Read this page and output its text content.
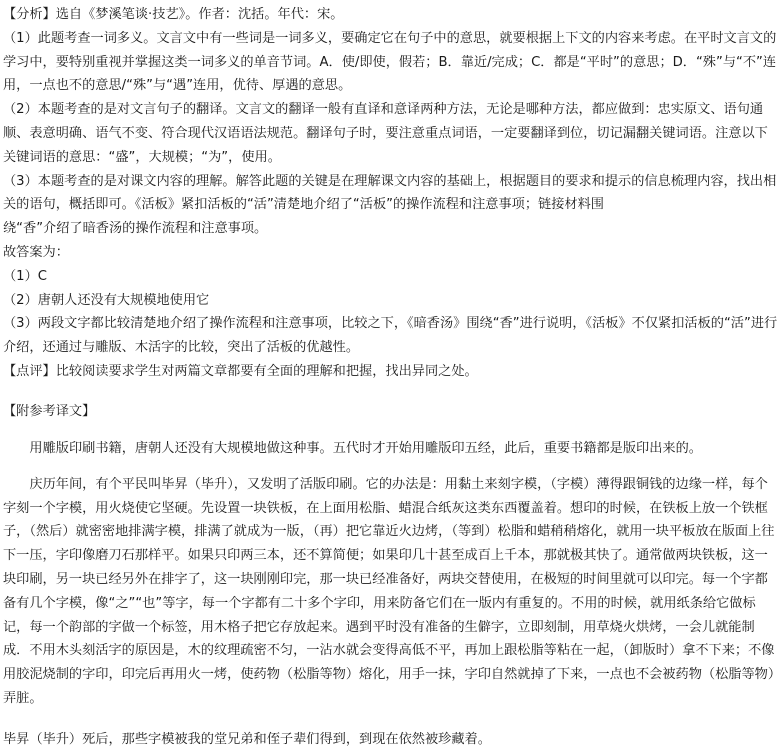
【分析】选自《梦溪笔谈·技艺》。作者：沈括。年代：宋。

（1）此题考查一词多义。文言文中有一些词是一词多义，要确定它在句子中的意思，就要根据上下文的内容来考虑。在平时文言文的学习中，要特别重视并掌握这类一词多义的单音节词。A．使/即使，假若；B．靠近/完成；C．都是“平时”的意思；D．“殊”与“不”连用，一点也不的意思/“殊”与“遇”连用，优待、厚遇的意思。

（2）本题考查的是对文言句子的翻译。文言文的翻译一般有直译和意译两种方法，无论是哪种方法，都应做到：忠实原文、语句通顺、表意明确、语气不变、符合现代汉语语法规范。翻译句子时，要注意重点词语，一定要翻译到位，切记漏翻关键词语。注意以下关键词语的意思：“盛”，大规模；“为”，使用。

（3）本题考查的是对课文内容的理解。解答此题的关键是在理解课文内容的基础上，根据题目的要求和提示的信息梳理内容，找出相关的语句，概括即可。《活板》紧扣活板的“活”清楚地介绍了“活板”的操作流程和注意事项；链接材料围

绕“香”介绍了暗香汤的操作流程和注意事项。

故答案为：

（1）C

（2）唐朝人还没有大规模地使用它

（3）两段文字都比较清楚地介绍了操作流程和注意事项，比较之下，《暗香汤》围绕“香”进行说明，《活板》不仅紧扣活板的“活”进行介绍，还通过与雕版、木活字的比较，突出了活板的优越性。

【点评】比较阅读要求学生对两篇文章都要有全面的理解和把握，找出异同之处。

【附参考译文】

用雕版印刷书籍，唐朝人还没有大规模地做这种事。五代时才开始用雕版印五经，此后，重要书籍都是版印出来的。

庆历年间，有个平民叫毕昇（毕升），又发明了活版印刷。它的办法是：用黏土来刻字模，（字模）薄得跟铜钱的边缘一样，每个字刻一个字模，用火烧使它坚硬。先设置一块铁板，在上面用松脂、蜡混合纸灰这类东西覆盖着。想印的时候，在铁板上放一个铁框子，（然后）就密密地排满字模，排满了就成为一版，（再）把它靠近火边烤，（等到）松脂和蜡稍稍熔化，就用一块平板放在版面上往下一压，字印像磨刀石那样平。如果只印两三本，还不算简便；如果印几十甚至成百上千本，那就极其快了。通常做两块铁板，这一块印刷，另一块已经另外在排字了，这一块刚刚印完，那一块已经准备好，两块交替使用，在极短的时间里就可以印完。每一个字都备有几个字模，像“之”“也”等字，每一个字都有二十多个字印，用来防备它们在一版内有重复的。不用的时候，就用纸条给它做标记，每一个韵部的字做一个标签，用木格子把它存放起来。遇到平时没有准备的生僻字，立即刻制，用草烧火烘烤，一会儿就能制成．不用木头刻活字的原因是，木的纹理疏密不匀，一沾水就会变得高低不平，再加上跟松脂等粘在一起，（卸版时）拿不下来；不像用胶泥烧制的字印，印完后再用火一烤，使药物（松脂等物）熔化，用手一抹，字印自然就掉了下来，一点也不会被药物（松脂等物）弄脏。

毕昇（毕升）死后，那些字模被我的堂兄弟和侄子辈们得到，到现在依然被珍藏着。
